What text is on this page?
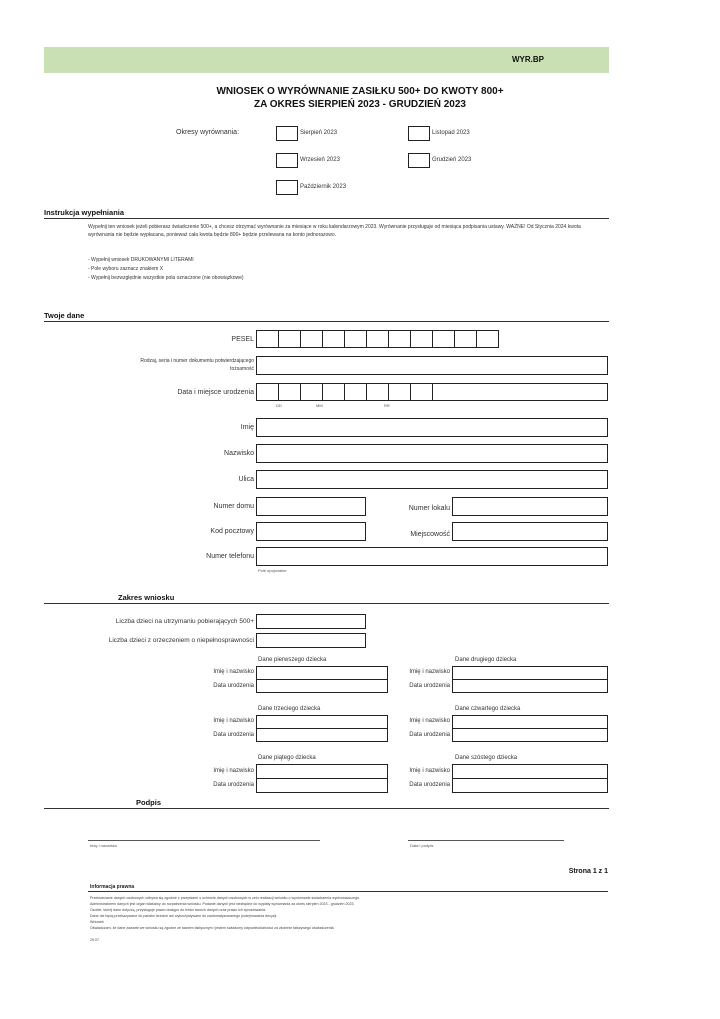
WYR.BP
WNIOSEK O WYRÓWNANIE ZASIŁKU 500+ DO KWOTY 800+
ZA OKRES SIERPIEŃ 2023 - GRUDZIEŃ 2023
Okresy wyrównania:	Sierpień 2023	Listopad 2023
Wrzesień 2023	Grudzień 2023
Październik 2023
Instrukcja wypełniania
Wypełnij ten wniosek jeżeli pobierasz świadczenie 500+, a chcesz otrzymać wyrównanie za miesiące w roku kalendarzowym 2023. Wyrównanie przysługuje od miesiąca podpisania ustawy. WAŻNE! Od Stycznia 2024 kwota wyrównania nie będzie wypłacana, ponieważ cała kwota będzie 800+ będzie przelewana na konto jednorazowo.
- Wypełnij wniosek DRUKOWANYMI LITERAMI
- Pole wyboru zaznacz znakiem X
- Wypełnij bezwzględnie wszystkie pola oznaczone (nie obowiązkowe)
Twoje dane
PESEL
Rodzaj, seria i numer dokumentu potwierdzającego
tożsamość
Data i miejsce urodzenia
DD	MM	RR
Imię
Nazwisko
Ulica
Numer domu	Numer lokalu
Kod pocztowy	Miejscowość
Numer telefonu
Pole opcjonalne
Zakres wniosku
Liczba dzieci na utrzymaniu pobierających 500+
Liczba dzieci z orzeczeniem o niepełnosprawności
Dane pierwszego dziecka
Imię i nazwisko
Data urodzenia
Dane drugiego dziecka
Imię i nazwisko
Data urodzenia
Dane trzeciego dziecka
Imię i nazwisko
Data urodzenia
Dane czwartego dziecka
Imię i nazwisko
Data urodzenia
Dane piątego dziecka
Imię i nazwisko
Data urodzenia
Dane szóstego dziecka
Imię i nazwisko
Data urodzenia
Podpis
Imię i nazwisko	Data i podpis
Strona 1 z 1
Informacja prawna
Przetwarzanie danych osobowych odbywa się zgodnie z przepisami o ochronie danych osobowych w celu realizacji wniosku o wyrównanie świadczenia wychowawczego.
Administratorem danych jest organ właściwy do rozpatrzenia wniosku. Podanie danych jest niezbędne do wypłaty wyrównania za okres sierpień 2023 - grudzień 2023.
Osobie, której dane dotyczą, przysługuje prawo dostępu do treści swoich danych oraz prawo ich sprostowania.
Dane nie będą przekazywane do państw trzecich ani wykorzystywane do zautomatyzowanego podejmowania decyzji.
Wniosek
Oświadczam, że dane zawarte we wniosku są zgodne ze stanem faktycznym i jestem świadomy odpowiedzialności za złożenie fałszywego oświadczenia.
29.07
